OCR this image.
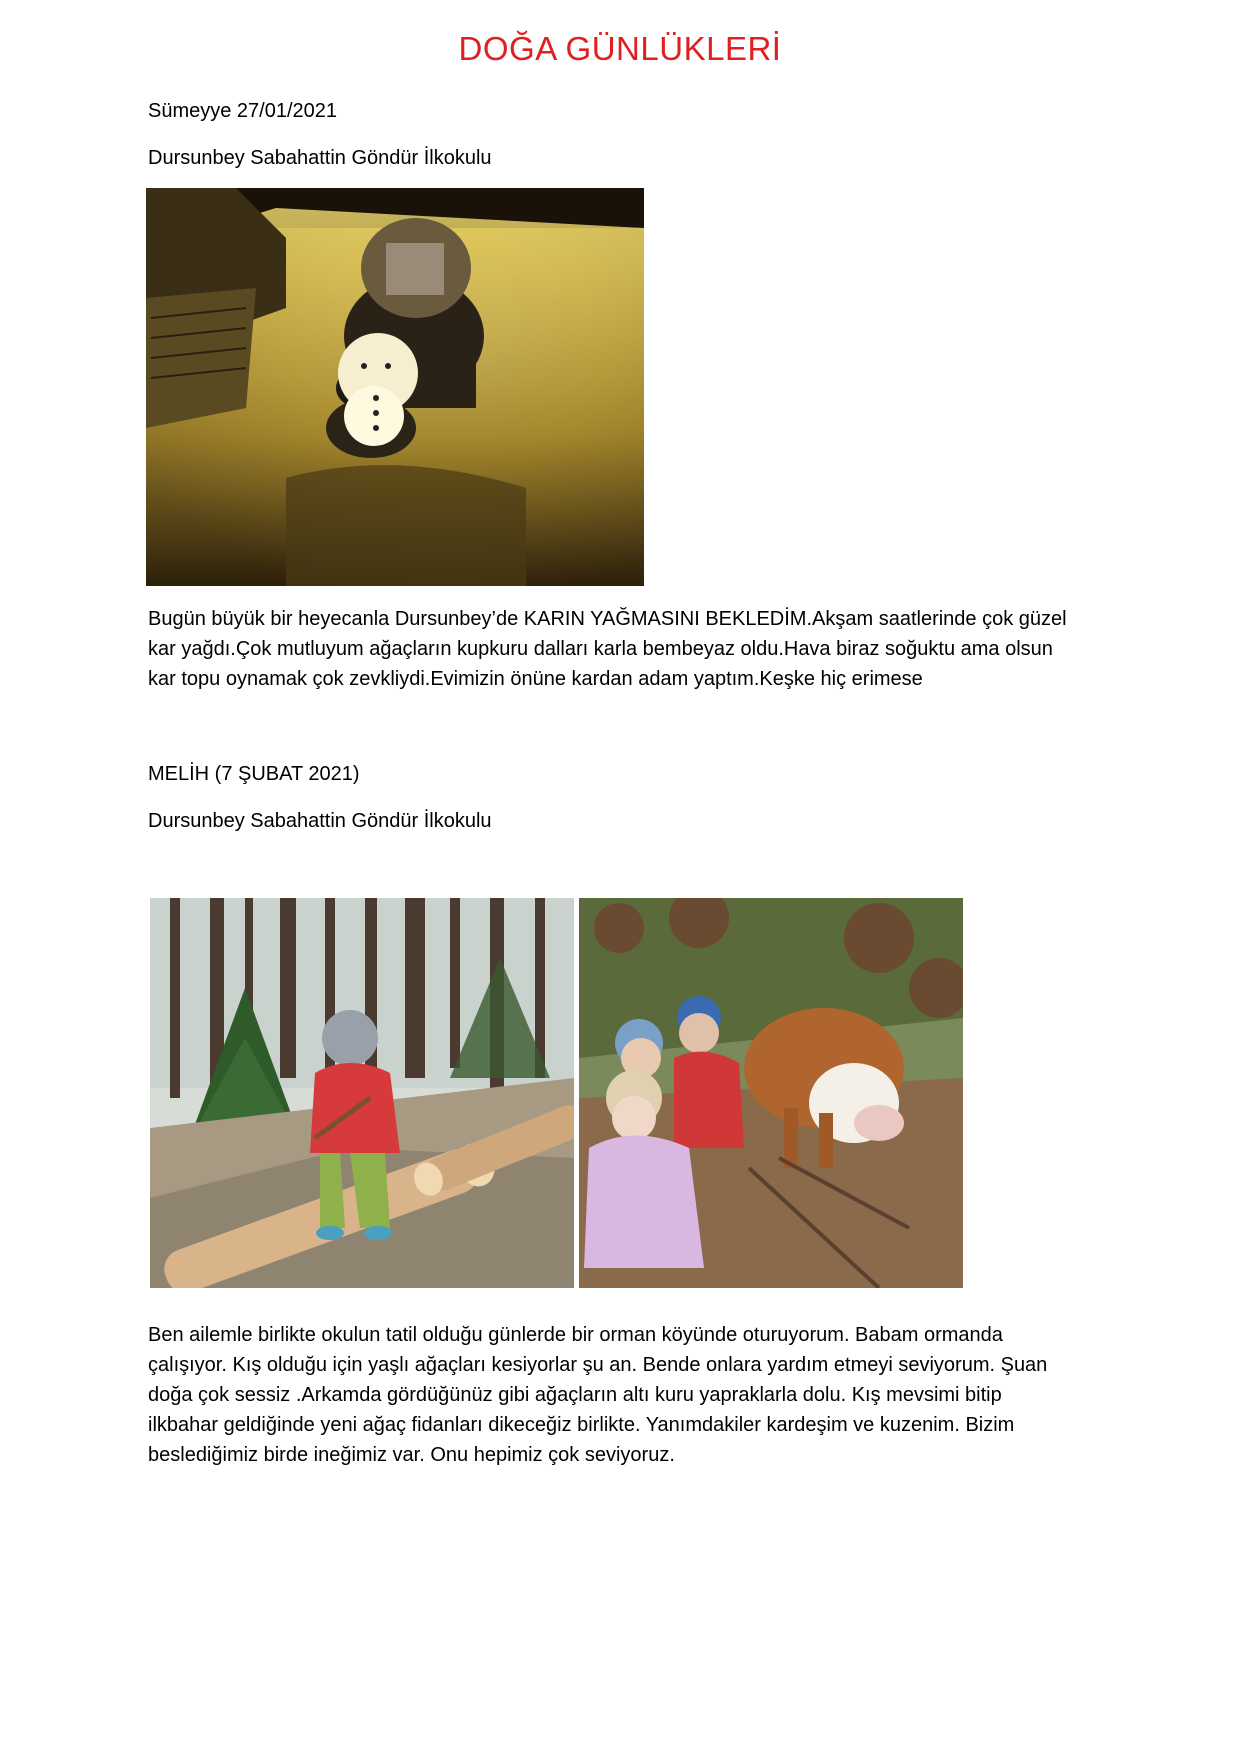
DOĞA GÜNLÜKLERİ
Sümeyye 27/01/2021
Dursunbey Sabahattin Göndür İlkokulu
Bugün büyük bir heyecanla Dursunbey’de KARIN YAĞMASINI BEKLEDİM.Akşam saatlerinde çok güzel
kar yağdı.Çok mutluyum ağaçların kupkuru dalları karla bembeyaz oldu.Hava biraz soğuktu ama olsun
kar topu oynamak çok zevkliydi.Evimizin önüne kardan adam yaptım.Keşke hiç erimese
MELİH (7 ŞUBAT 2021)
Dursunbey Sabahattin Göndür İlkokulu
Ben ailemle birlikte okulun tatil olduğu günlerde bir orman köyünde oturuyorum. Babam ormanda
çalışıyor. Kış olduğu için yaşlı ağaçları kesiyorlar şu an. Bende onlara yardım etmeyi seviyorum. Şuan
doğa çok sessiz .Arkamda gördüğünüz gibi ağaçların altı kuru yapraklarla dolu. Kış mevsimi bitip
ilkbahar geldiğinde yeni ağaç fidanları dikeceğiz birlikte. Yanımdakiler kardeşim ve kuzenim. Bizim
beslediğimiz birde ineğimiz var. Onu hepimiz çok seviyoruz.
